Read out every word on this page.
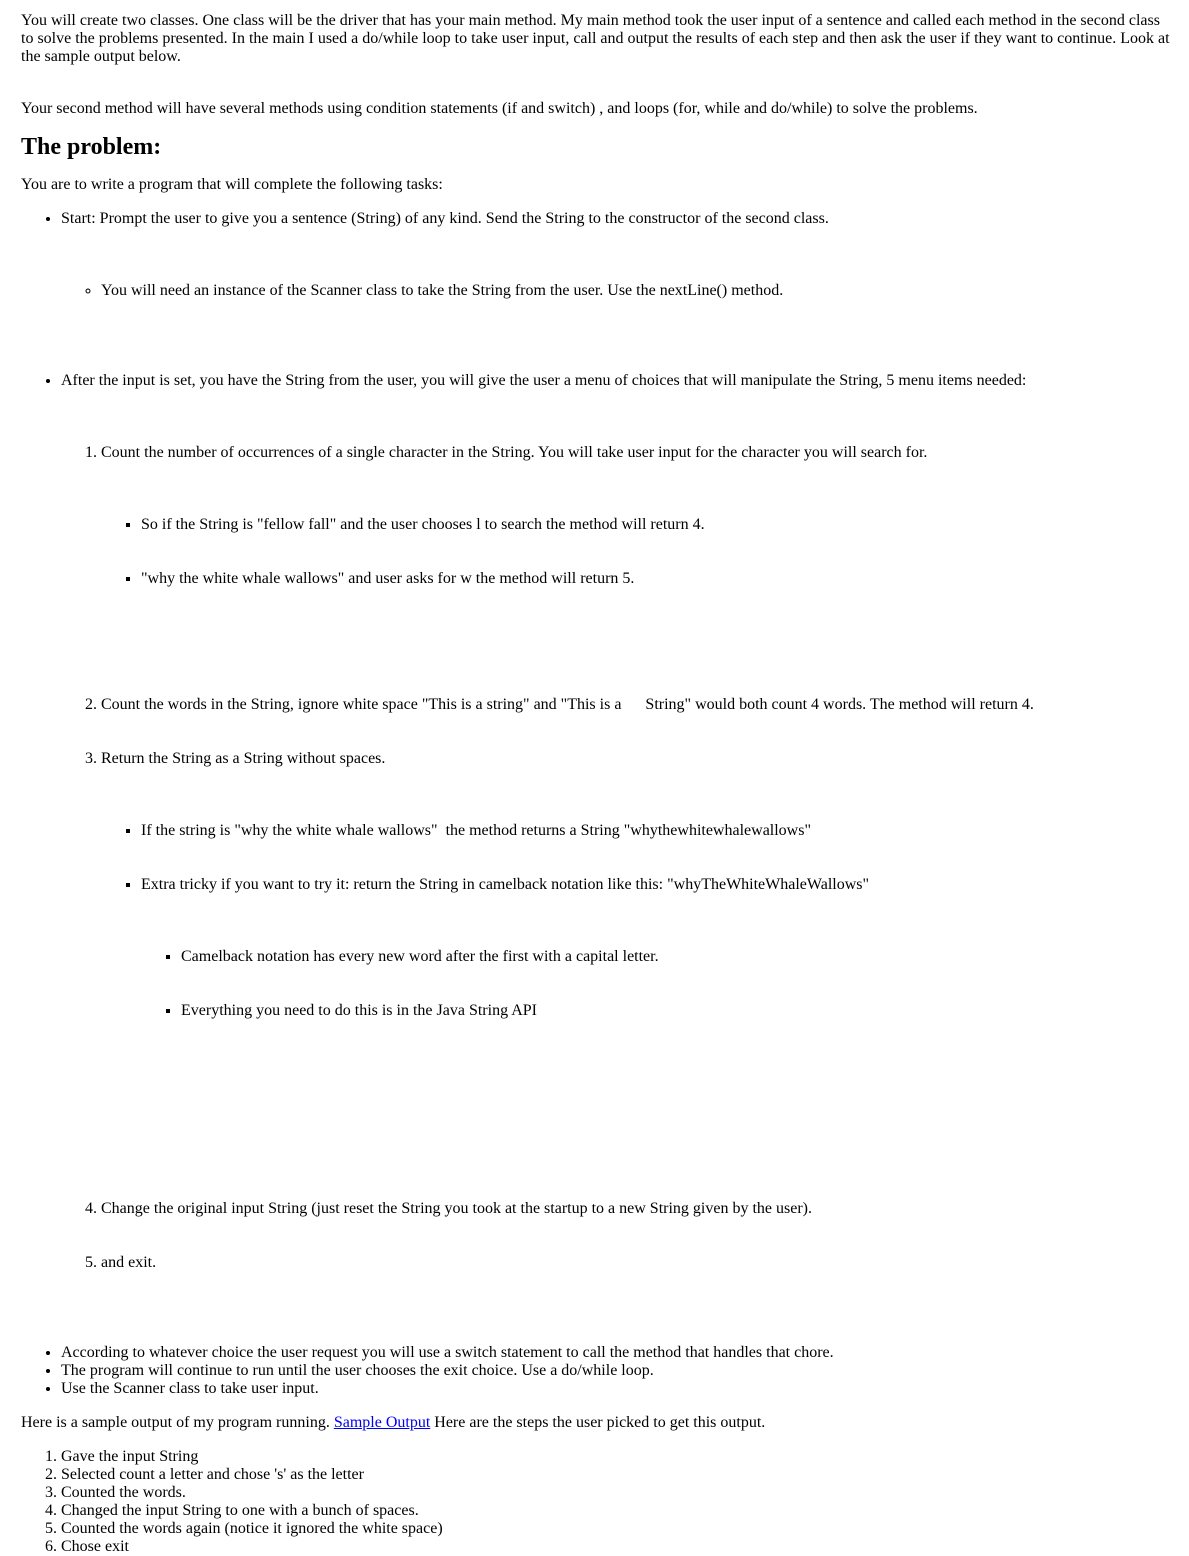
You will create two classes. One class will be the driver that has your main method. My main method took the user input of a sentence and called each method in the second class to solve the problems presented. In the main I used a do/while loop to take user input, call and output the results of each step and then ask the user if they want to continue. Look at the sample output below.

Your second method will have several methods using condition statements (if and switch) , and loops (for, while and do/while) to solve the problems.

The problem:

You are to write a program that will complete the following tasks:

• Start: Prompt the user to give you a sentence (String) of any kind. Send the String to the constructor of the second class.

◦ You will need an instance of the Scanner class to take the String from the user. Use the nextLine() method.

• After the input is set, you have the String from the user, you will give the user a menu of choices that will manipulate the String, 5 menu items needed:

1. Count the number of occurrences of a single character in the String. You will take user input for the character you will search for.

▪ So if the String is "fellow fall" and the user chooses l to search the method will return 4.

▪ "why the white whale wallows" and user asks for w the method will return 5.

2. Count the words in the String, ignore white space "This is a string" and "This is a      String" would both count 4 words. The method will return 4.

3. Return the String as a String without spaces.

▪ If the string is "why the white whale wallows"  the method returns a String "whythewhitewhalewallows"

▪ Extra tricky if you want to try it: return the String in camelback notation like this: "whyTheWhiteWhaleWallows"

▪ Camelback notation has every new word after the first with a capital letter.

▪ Everything you need to do this is in the Java String API

4. Change the original input String (just reset the String you took at the startup to a new String given by the user).

5. and exit.

• According to whatever choice the user request you will use a switch statement to call the method that handles that chore.
• The program will continue to run until the user chooses the exit choice. Use a do/while loop.
• Use the Scanner class to take user input.

Here is a sample output of my program running. Sample Output Here are the steps the user picked to get this output.

1. Gave the input String
2. Selected count a letter and chose 's' as the letter
3. Counted the words.
4. Changed the input String to one with a bunch of spaces.
5. Counted the words again (notice it ignored the white space)
6. Chose exit
